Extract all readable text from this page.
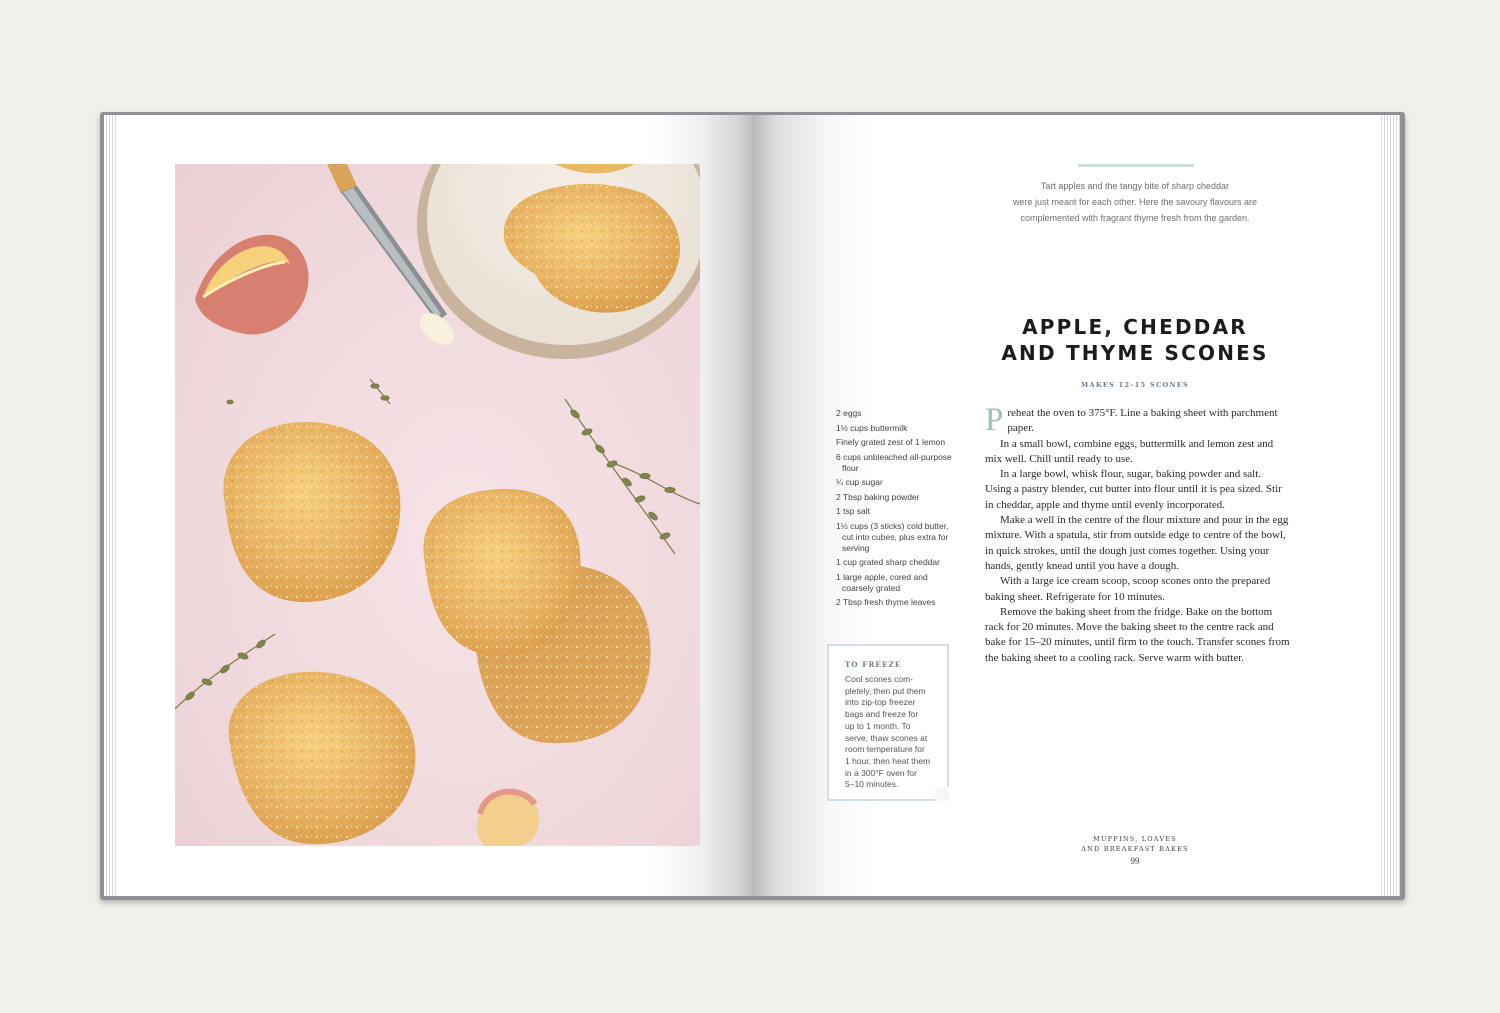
Tart apples and the tangy bite of sharp cheddar
were just meant for each other. Here the savoury flavours are
complemented with fragrant thyme fresh from the garden.
APPLE, CHEDDAR
AND THYME SCONES
MAKES 12–15 SCONES
2 eggs
1½ cups buttermilk
Finely grated zest of 1 lemon
6 cups unbleached all-purpose flour
¼ cup sugar
2 Tbsp baking powder
1 tsp salt
1½ cups (3 sticks) cold butter, cut into cubes, plus extra for serving
1 cup grated sharp cheddar
1 large apple, cored and coarsely grated
2 Tbsp fresh thyme leaves

Preheat the oven to 375°F. Line a baking sheet with parchment paper.

In a small bowl, combine eggs, buttermilk and lemon zest and mix well. Chill until ready to use.

In a large bowl, whisk flour, sugar, baking powder and salt. Using a pastry blender, cut butter into flour until it is pea sized. Stir in cheddar, apple and thyme until evenly incorporated.

Make a well in the centre of the flour mixture and pour in the egg mixture. With a spatula, stir from outside edge to centre of the bowl, in quick strokes, until the dough just comes together. Using your hands, gently knead until you have a dough.

With a large ice cream scoop, scoop scones onto the prepared baking sheet. Refrigerate for 10 minutes.

Remove the baking sheet from the fridge. Bake on the bottom rack for 20 minutes. Move the baking sheet to the centre rack and bake for 15–20 minutes, until firm to the touch. Transfer scones from the baking sheet to a cooling rack. Serve warm with butter.

TO FREEZE
Cool scones com-
pletely, then put them
into zip-top freezer
bags and freeze for
up to 1 month. To
serve, thaw scones at
room temperature for
1 hour, then heat them
in a 300°F oven for
5–10 minutes.
MUFFINS, LOAVES
AND BREAKFAST BAKES
99
